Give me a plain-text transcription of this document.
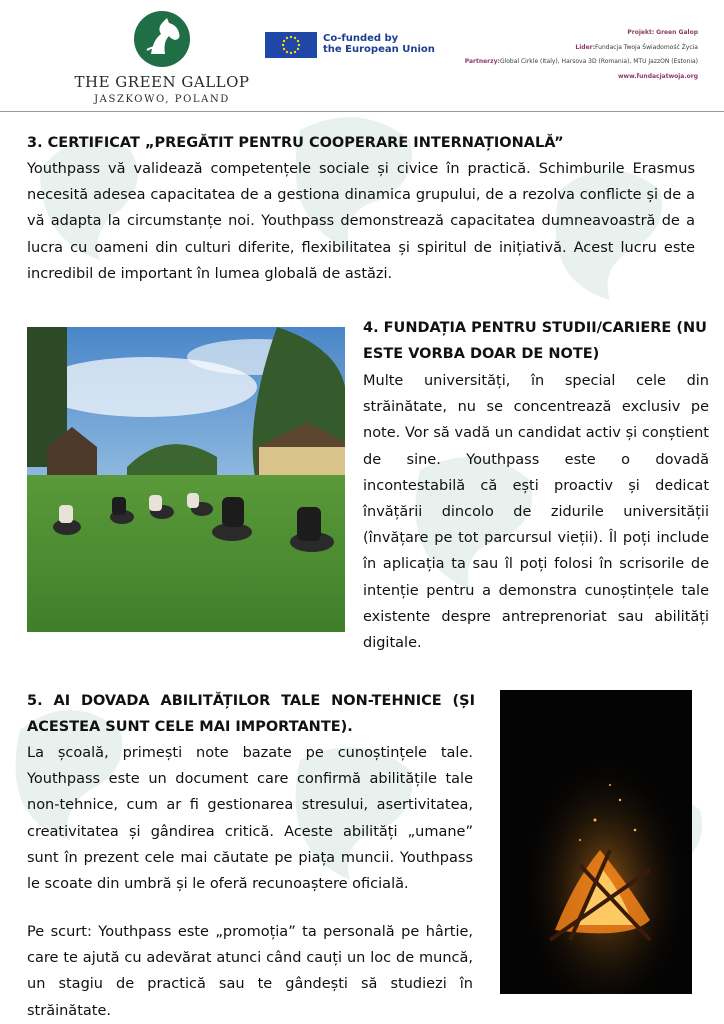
THE GREEN GALLOP
JASZKOWO, POLAND
Co-funded by
the European Union
Projekt: Green Galop
Lider:Fundacja Twoja Świadomość Życia
Partnerzy:Global Cirkle (Italy), Harsova 3D (Romania), MTU JazzON (Estonia)
www.fundacjatwoja.org
3. CERTIFICAT „PREGĂTIT PENTRU COOPERARE INTERNAȚIONALĂ”
Youthpass vă validează competențele sociale și civice în practică. Schimburile Erasmus necesită adesea capacitatea de a gestiona dinamica grupului, de a rezolva conflicte și de a vă adapta la circumstanțe noi. Youthpass demonstrează capacitatea dumneavoastră de a lucra cu oameni din culturi diferite, flexibilitatea și spiritul de inițiativă. Acest lucru este incredibil de important în lumea globală de astăzi.
4. FUNDAȚIA PENTRU STUDII/CARIERE (NU ESTE VORBA DOAR DE NOTE)
Multe universități, în special cele din străinătate, nu se concentrează exclusiv pe note. Vor să vadă un candidat activ și conștient de sine. Youthpass este o dovadă incontestabilă că ești proactiv și dedicat învățării dincolo de zidurile universității (învățare pe tot parcursul vieții). Îl poți include în aplicația ta sau îl poți folosi în scrisorile de intenție pentru a demonstra cunoștințele tale existente despre antreprenoriat sau abilități digitale.
5. AI DOVADA ABILITĂȚILOR TALE NON-TEHNICE (ȘI ACESTEA SUNT CELE MAI IMPORTANTE).
La școală, primești note bazate pe cunoștințele tale. Youthpass este un document care confirmă abilitățile tale non-tehnice, cum ar fi gestionarea stresului, asertivitatea, creativitatea și gândirea critică. Aceste abilități „umane” sunt în prezent cele mai căutate pe piața muncii. Youthpass le scoate din umbră și le oferă recunoaștere oficială.
Pe scurt: Youthpass este „promoția” ta personală pe hârtie, care te ajută cu adevărat atunci când cauți un loc de muncă, un stagiu de practică sau te gândești să studiezi în străinătate.
